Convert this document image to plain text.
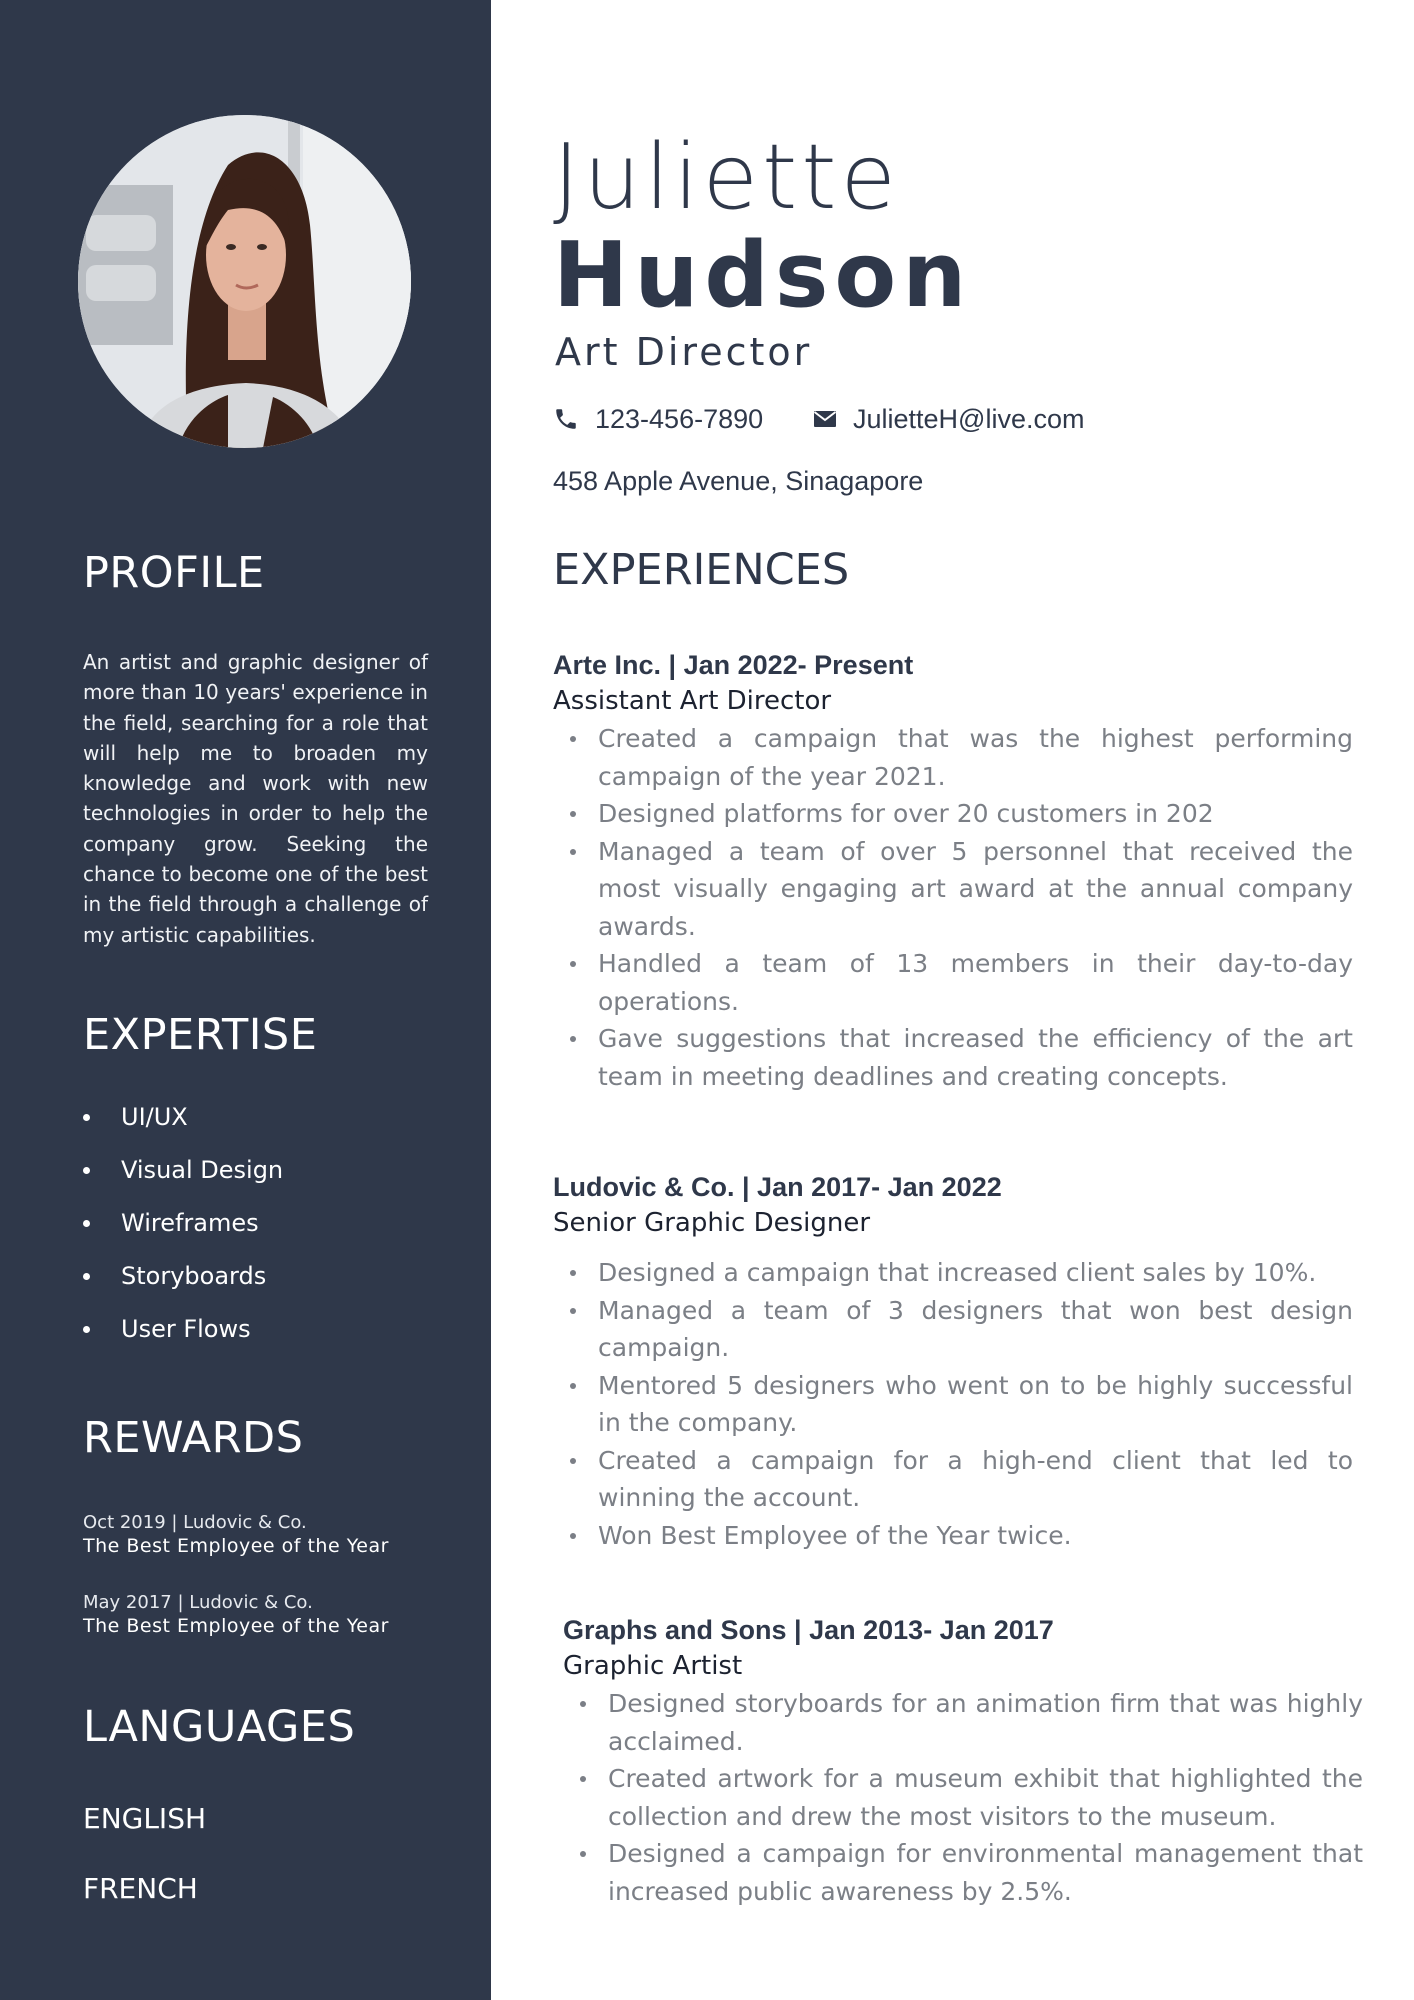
PROFILE

An artist and graphic designer of more than 10 years' experience in the field, searching for a role that will help me to broaden my knowledge and work with new technologies in order to help the company grow. Seeking the chance to become one of the best in the field through a challenge of my artistic capabilities.

EXPERTISE
UI/UX
Visual Design
Wireframes
Storyboards
User Flows
REWARDS
Oct 2019 | Ludovic & Co.
The Best Employee of the Year
May 2017 | Ludovic & Co.
The Best Employee of the Year
LANGUAGES
ENGLISH
FRENCH
Juliette
Hudson
Art Director
123-456-7890	JulietteH@live.com
458 Apple Avenue, Sinagapore
EXPERIENCES
Arte Inc. | Jan 2022- Present
Assistant Art Director
Created a campaign that was the highest performing campaign of the year 2021.
Designed platforms for over 20 customers in 202
Managed a team of over 5 personnel that received the most visually engaging art award at the annual company awards.
Handled a team of 13 members in their day-to-day operations.
Gave suggestions that increased the efficiency of the art team in meeting deadlines and creating concepts.
Ludovic & Co. | Jan 2017- Jan 2022
Senior Graphic Designer
Designed a campaign that increased client sales by 10%.
Managed a team of 3 designers that won best design campaign.
Mentored 5 designers who went on to be highly successful in the company.
Created a campaign for a high-end client that led to winning the account.
Won Best Employee of the Year twice.
Graphs and Sons | Jan 2013- Jan 2017
Graphic Artist
Designed storyboards for an animation firm that was highly acclaimed.
Created artwork for a museum exhibit that highlighted the collection and drew the most visitors to the museum.
Designed a campaign for environmental management that increased public awareness by 2.5%.
